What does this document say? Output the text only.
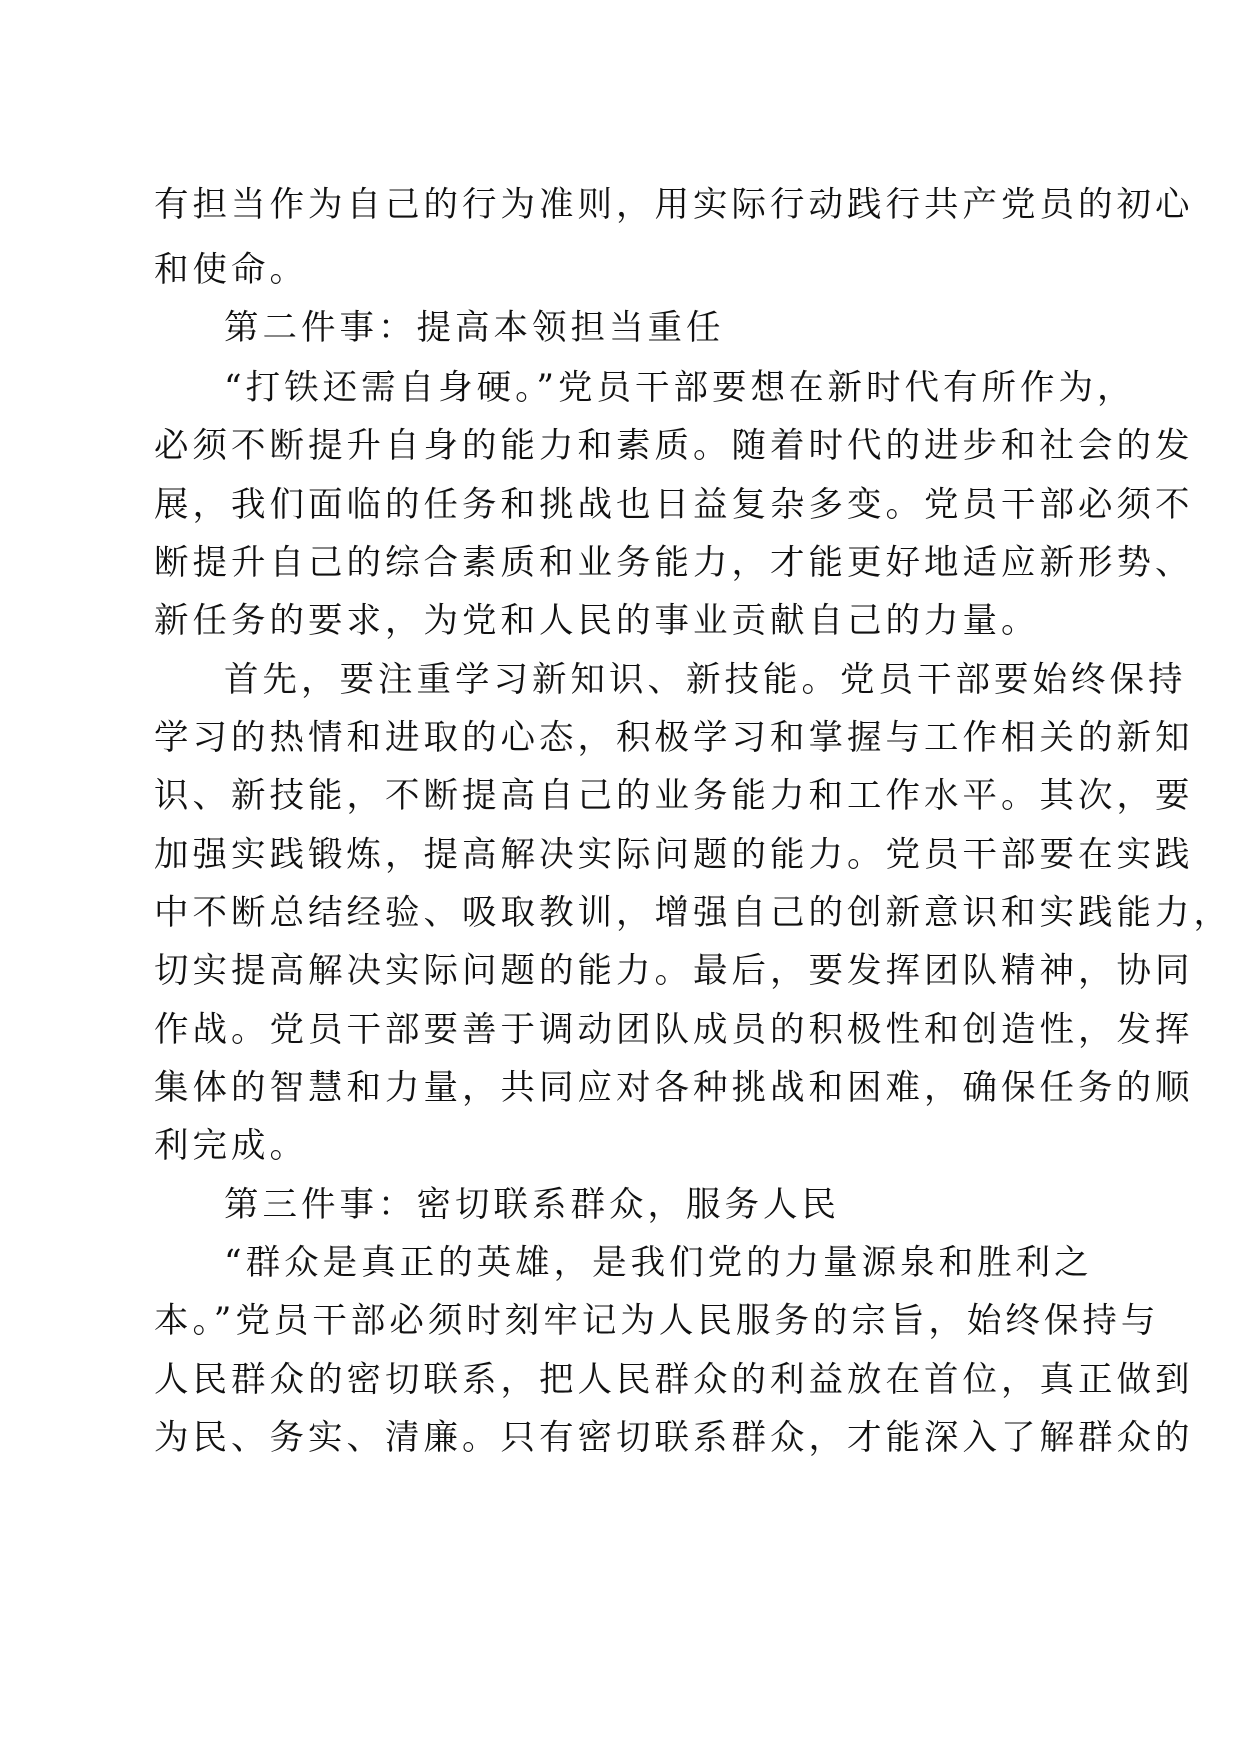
有担当作为自己的行为准则，用实际行动践行共产党员的初心
和使命。
第二件事：提高本领担当重任
“打铁还需自身硬。”党员干部要想在新时代有所作为，
必须不断提升自身的能力和素质。随着时代的进步和社会的发
展，我们面临的任务和挑战也日益复杂多变。党员干部必须不
断提升自己的综合素质和业务能力，才能更好地适应新形势、
新任务的要求，为党和人民的事业贡献自己的力量。
首先，要注重学习新知识、新技能。党员干部要始终保持
学习的热情和进取的心态，积极学习和掌握与工作相关的新知
识、新技能，不断提高自己的业务能力和工作水平。其次，要
加强实践锻炼，提高解决实际问题的能力。党员干部要在实践
中不断总结经验、吸取教训，增强自己的创新意识和实践能力，
切实提高解决实际问题的能力。最后，要发挥团队精神，协同
作战。党员干部要善于调动团队成员的积极性和创造性，发挥
集体的智慧和力量，共同应对各种挑战和困难，确保任务的顺
利完成。
第三件事：密切联系群众，服务人民
“群众是真正的英雄，是我们党的力量源泉和胜利之
本。”党员干部必须时刻牢记为人民服务的宗旨，始终保持与
人民群众的密切联系，把人民群众的利益放在首位，真正做到
为民、务实、清廉。只有密切联系群众，才能深入了解群众的
